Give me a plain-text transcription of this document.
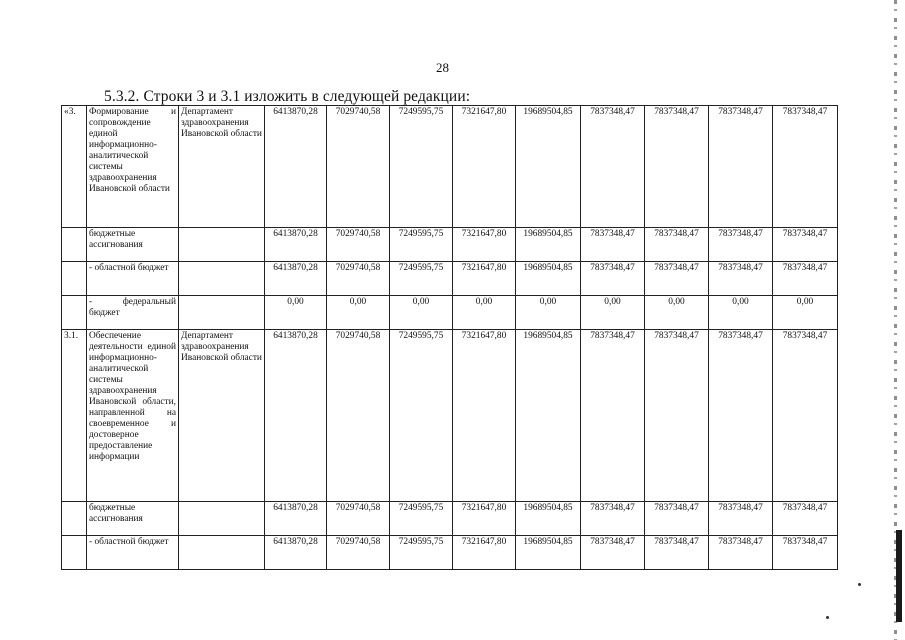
28
5.3.2. Строки 3 и 3.1 изложить в следующей редакции:
«3.	Формирование и сопровождение единой информационно-аналитической системы здравоохранения Ивановской области	Департамент здравоохранения Ивановской области	6413870,28	7029740,58	7249595,75	7321647,80	19689504,85	7837348,47	7837348,47	7837348,47	7837348,47
	бюджетные ассигнования		6413870,28	7029740,58	7249595,75	7321647,80	19689504,85	7837348,47	7837348,47	7837348,47	7837348,47
	- областной бюджет		6413870,28	7029740,58	7249595,75	7321647,80	19689504,85	7837348,47	7837348,47	7837348,47	7837348,47
	- федеральный бюджет		0,00	0,00	0,00	0,00	0,00	0,00	0,00	0,00	0,00
3.1.	Обеспечение деятельности единой информационно-аналитической системы здравоохранения Ивановской области, направленной на своевременное и достоверное предоставление информации	Департамент здравоохранения Ивановской области	6413870,28	7029740,58	7249595,75	7321647,80	19689504,85	7837348,47	7837348,47	7837348,47	7837348,47
	бюджетные ассигнования		6413870,28	7029740,58	7249595,75	7321647,80	19689504,85	7837348,47	7837348,47	7837348,47	7837348,47
	- областной бюджет		6413870,28	7029740,58	7249595,75	7321647,80	19689504,85	7837348,47	7837348,47	7837348,47	7837348,47
